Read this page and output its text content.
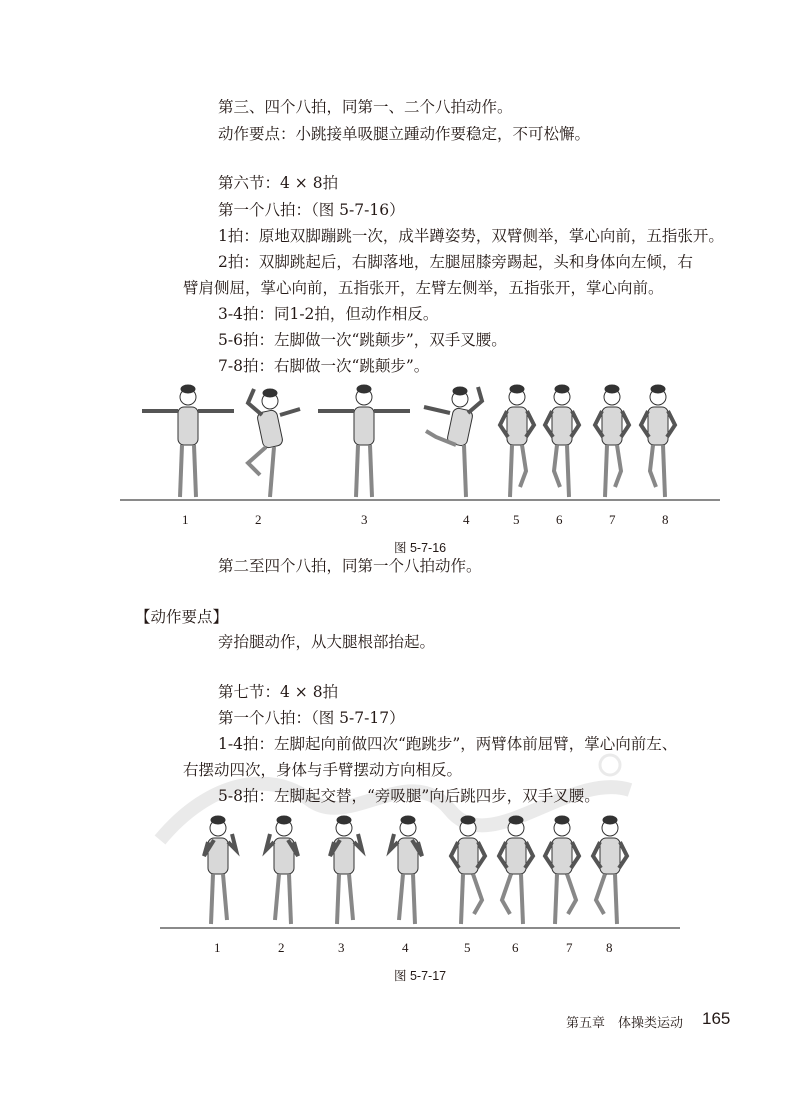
第三、四个八拍，同第一、二个八拍动作。
动作要点：小跳接单吸腿立踵动作要稳定，不可松懈。
第六节：4 × 8拍
第一个八拍：（图 5-7-16）
1拍：原地双脚蹦跳一次，成半蹲姿势，双臂侧举，掌心向前，五指张开。
2拍：双脚跳起后，右脚落地，左腿屈膝旁踢起，头和身体向左倾，右
臂肩侧屈，掌心向前，五指张开，左臂左侧举，五指张开，掌心向前。
3-4拍：同1-2拍，但动作相反。
5-6拍：左脚做一次“跳颠步”，双手叉腰。
7-8拍：右脚做一次“跳颠步”。
1	2	3	4	5	6	7	8
图 5-7-16
第二至四个八拍，同第一个八拍动作。
【动作要点】
旁抬腿动作，从大腿根部抬起。
第七节：4 × 8拍
第一个八拍：（图 5-7-17）
1-4拍：左脚起向前做四次“跑跳步”，两臂体前屈臂，掌心向前左、
右摆动四次，身体与手臂摆动方向相反。
5-8拍：左脚起交替，“旁吸腿”向后跳四步，双手叉腰。
1	2	3	4	5	6	7	8
图 5-7-17
第五章　体操类运动 165
